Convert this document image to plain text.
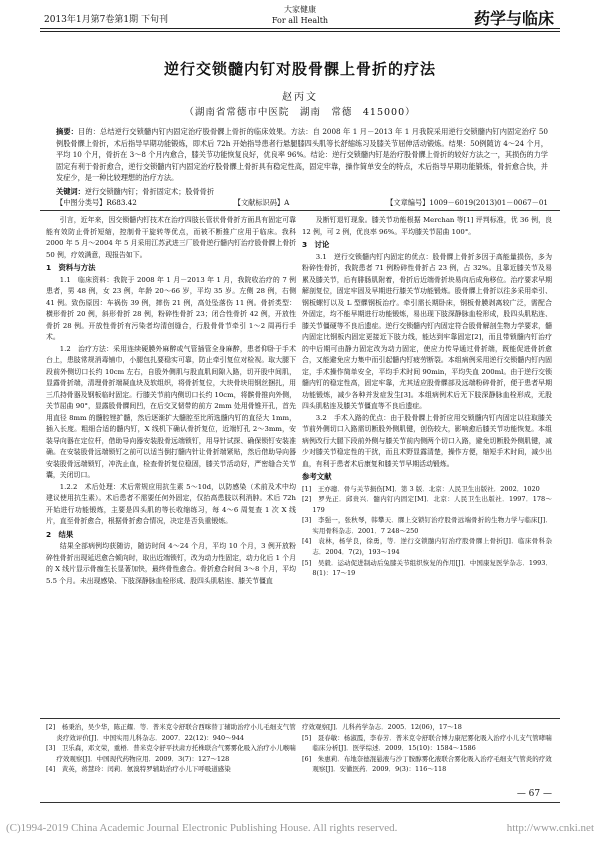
2013年1月第7卷第1期 下旬刊
大家健康
For all Health	药学与临床
逆行交锁髓内钉对股骨髁上骨折的疗法
赵丙文
（湖南省常德市中医院　湖南　常德　415000）
摘要：目的：总结逆行交锁髓内钉内固定治疗股骨髁上骨折的临床效果。方法：自 2008 年 1 月－2013 年 1 月我院采用逆行交锁髓内钉内固定治疗 50 例股骨髁上骨折，术后指导早期功能锻炼，即术后 72h 开始指导患者行悬腿膝四头肌等长舒缩练习及膝关节屈伸活动锻炼。结果：50例随访 4～24 个月，平均 10 个月，骨折在 3～8 个月内愈合，膝关节功能恢复良好，优良率 96%。结论：逆行交锁髓内钉是治疗股骨髁上骨折的较好方法之一，其损伤的力学固定有利于骨折愈合，逆行交锁髓内钉内固定治疗股骨髁上骨折具有稳定性高，固定牢靠，操作简单安全的特点，术后指导早期功能锻炼，骨折愈合快，并发症少，是一种比较理想的治疗方法。
关键词：逆行交锁髓内钉；骨折固定术；股骨骨折
【中图分类号】R683.42	【文献标识码】A	【文章编号】1009－6019(2013)01－0067－01

引言，近年来，因交锁髓内钉技术在治疗四肢长管状骨骨折方面具有固定可靠能有效防止骨折短缩，控制骨干旋转等优点，而被不断推广应用于临床。我科 2000 年 5 月～2004 年 5 月采用江苏武进三厂股骨逆行髓内钉治疗股骨髁上骨折 50 例，疗效满意，现报告如下。

1　资料与方法

1.1　临床资料：我院于 2008 年 1 月－2013 年 1 月，我院收治疗的 7 例患者，男 48 例，女 23 例，年龄 20～66 岁，平均 35 岁。左侧 28 例，右侧 41 例。致伤原因：车祸伤 39 例，摔伤 21 例，高处坠落伤 11 例。骨折类型：横形骨折 20 例，斜形骨折 28 例，粉碎性骨折 23；闭合性骨折 42 例，开放性骨折 28 例。开放性骨折有污染者均清创缝合，行股骨骨节牵引 1～2 周再行手术。

1.2　治疗方法：采用连续硬膜外麻醉或气管插管全身麻醉，患者仰卧于手术台上，患肢常规消毒铺巾，小腿包扎要稳实可靠，防止牵引复位对检视。取大腿下段前外侧切口长约 10cm 左右，自股外侧肌与股直肌间隙入路，切开股中间肌，显露骨折端，清理骨折端凝血块及软组织，将骨折复位，大块骨块用钢丝捆扎，用三爪持骨器及钢板临时固定。行膝关节前内侧切口长约 10cm，将髌骨推向外侧，关节屈曲 90°，显露股骨髁间凹，在后交叉韧带的前方 2mm 处用骨锥开孔，首先用直径 8mm 的髓腔锉扩髓，然后逐渐扩大髓腔至比所选髓内钉的直径大 1mm，插入长度。粗细合适的髓内钉，X 线机下确认骨折复位，近端钉孔 2～3mm，安装导向器在定位杆，借助导向器安装股骨远端锁钉，用导针试探、确保锁钉安装准确。在安装股骨远端锁钉之前可以适当倒打髓内针让骨折端紧贴，然后借助导向器安装股骨远端锁钉，冲洗止血，检查骨折复位稳固，膝关节活动好，严密缝合关节囊，关闭切口。

1.2.2　术后处理：术后常规应用抗生素 5～10d，以防感染（术前及术中均建议使用抗生素）。术后患者不需要任何外固定，仅抬高患肢以利消肿。术后 72h 开始进行功能锻炼，主要是四头肌的等长收缩练习，每 4～6 周复查 1 次 X 线片，直至骨折愈合，根据骨折愈合情况，决定是否负重锻炼。

2　结果

结果全部病例均获随访，随访时间 4～24 个月，平均 10 个月，3 例开放粉碎性骨折出现延迟愈合倾向时，取出近端锁钉，改为动力性固定，动力化后 1 个月的 X 线片显示骨痂生长显著加快，最终骨性愈合。骨折愈合时间 3～8 个月，平均 5.5 个月。未出现感染、下肢深静脉血栓形成、股四头肌粘连、膝关节僵直

及断钉退钉现象。膝关节功能根据 Merchan 等[1] 评判标准，优 36 例，良 12 例，可 2 例，优良率 96%。平均膝关节屈曲 100°。

3　讨论

3.1　逆行交锁髓内钉内固定的优点：股骨髁上骨折多因于高能量损伤，多为粉碎性骨折，我院患者 71 例粉碎性骨折占 23 例，占 32%。且靠近膝关节及易累及膝关节，后有腓肠肌附着，骨折后近端骨折块易向后成角移位。治疗要求早期解剖复位，固定牢固及早期进行膝关节功能锻炼。股骨髁上骨折以往多采用牵引、钢板螺钉以及 L 型髁钢板治疗。牵引需长期卧床，钢板骨膜剥离较广泛，需配合外固定，均不能早期进行功能锻炼，易出现下肢深静脉血栓形成，股四头肌粘连、膝关节僵硬等不良后遗症。逆行交锁髓内钉内固定符合股骨解剖生物力学要求，髓内固定比钢板内固定更接近下肢力线，能达到牢靠固定[2]，而且带锁髓内钉治疗的中后期可由静力固定改为动力固定，使应力传导通过骨折端，既能促进骨折愈合，又能避免应力集中而引起髓内钉疲劳断裂。本组病例采用逆行交锁髓内钉内固定，手术操作简单安全，平均手术时间 90min，平均失血 200ml。由于逆行交锁髓内钉的稳定性高，固定牢靠，尤其适应股骨髁部及远端粉碎骨折，便于患者早期功能锻炼，减少各种并发症发生[3]。本组病例术后无下肢深静脉血栓形成，无股四头肌粘连及膝关节僵直等不良后遗症。

3.2　手术入路的优点：由于股骨髁上骨折应用交锁髓内钉内固定以往取膝关节前外侧切口入路需切断股外侧肌键，创伤较大，影响愈后膝关节功能恢复。本组病例改行大腿下段前外侧与膝关节前内侧两个切口入路，避免切断股外侧肌键，减少对膝关节稳定性的干扰，而且术野显露清楚，操作方便，缩短手术时间，减少出血，有利于患者术后康复和膝关节早期活动锻炼。

参考文献

[1]　王亦璁．骨与关节损伤[M]．第 3 版．北京：人民卫生出版社．2002．1020

[2]　罗先正．邱贵兴．髓内钉内固定[M]．北京：人民卫生出版社．1997．178～179

[3]　李强一，张秋琴，韩攀天．髁上交锁钉治疗股骨远端骨折的生物力学与临床[J]．实用骨科杂志．2001．7 248～250

[4]　袁林，杨学良，徐勇，等．逆行交锁髓内钉治疗股骨髁上骨折[J]．临床骨科杂志．2004．7(2)，193～194

[5]　吴毅．运动促进制动后兔膝关节组织恢复的作用[J]．中国康复医学杂志．1993．8(1)：17～19

[2]　杨秉治，吴少华，陈正耀．等．普米克令舒联合西咪替丁辅助治疗小儿毛细支气管炎疗效评价[J]．中国实用儿科杂志．2007．22(12)：940～944

[3]　卫乐森，邓文荣，重梧．普米克令舒平扶肃方托株联合气雾雾化吸入治疗小儿喉喘疗效观察[J]．中国现代药物应用．2009．3(7)：127～128

[4]　黄英，蒋慧玲：闰莉．氨溴特罗辅助治疗小儿下呼吸道感染

疗效观察[J]．儿科药学杂志．2005．12(06)，17～18

[5]　聂春敏：杨淑霞，李春芳．普米克令舒联合博力康尼雾化吸入治疗小儿支气管哮喘临床分析[J]．医学综述．2009．15(10)：1584～1586

[6]　朱惠莉．布地奈德混悬液与沙丁胺醇雾化液联合雾化吸入治疗毛细支气管炎的疗效观察[J]．安徽医药．2009．9(3)：116～118

— 67 —
(C)1994-2019 China Academic Journal Electronic Publishing House. All rights reserved.	http://www.cnki.net
